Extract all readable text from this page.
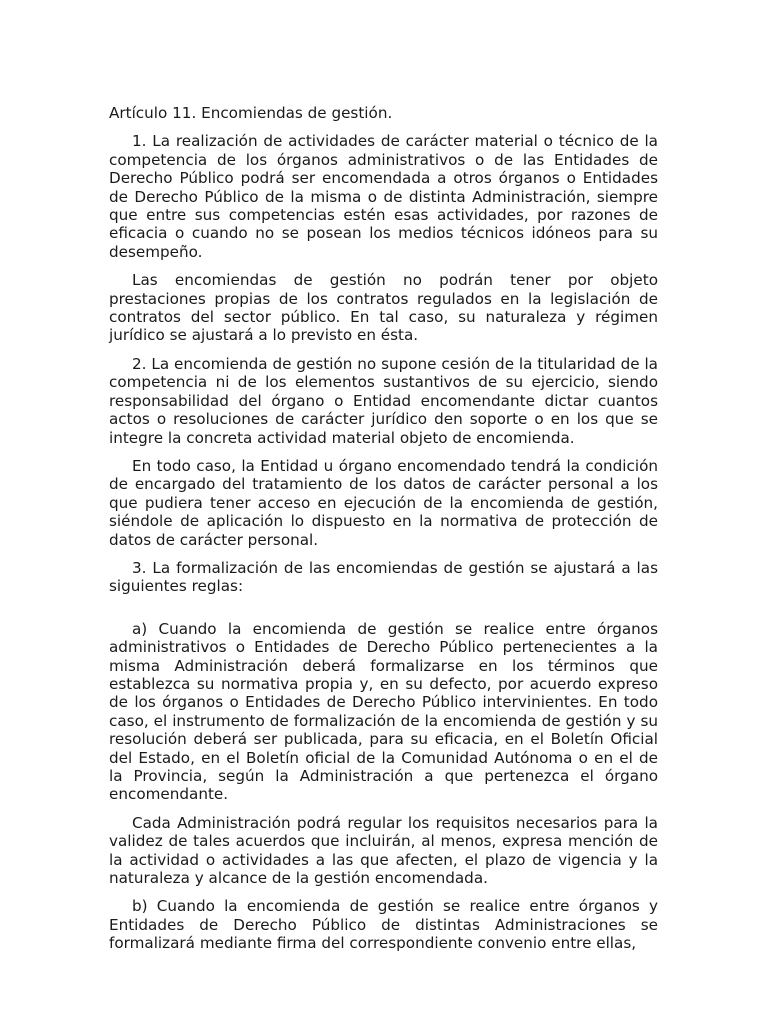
Artículo 11. Encomiendas de gestión.

1. La realización de actividades de carácter material o técnico de la competencia de los órganos administrativos o de las Entidades de Derecho Público podrá ser encomendada a otros órganos o Entidades de Derecho Público de la misma o de distinta Administración, siempre que entre sus competencias estén esas actividades, por razones de eficacia o cuando no se posean los medios técnicos idóneos para su desempeño.

Las encomiendas de gestión no podrán tener por objeto prestaciones propias de los contratos regulados en la legislación de contratos del sector público. En tal caso, su naturaleza y régimen jurídico se ajustará a lo previsto en ésta.

2. La encomienda de gestión no supone cesión de la titularidad de la competencia ni de los elementos sustantivos de su ejercicio, siendo responsabilidad del órgano o Entidad encomendante dictar cuantos actos o resoluciones de carácter jurídico den soporte o en los que se integre la concreta actividad material objeto de encomienda.

En todo caso, la Entidad u órgano encomendado tendrá la condición de encargado del tratamiento de los datos de carácter personal a los que pudiera tener acceso en ejecución de la encomienda de gestión, siéndole de aplicación lo dispuesto en la normativa de protección de datos de carácter personal.

3. La formalización de las encomiendas de gestión se ajustará a las siguientes reglas:

a) Cuando la encomienda de gestión se realice entre órganos administrativos o Entidades de Derecho Público pertenecientes a la misma Administración deberá formalizarse en los términos que establezca su normativa propia y, en su defecto, por acuerdo expreso de los órganos o Entidades de Derecho Público intervinientes. En todo caso, el instrumento de formalización de la encomienda de gestión y su resolución deberá ser publicada, para su eficacia, en el Boletín Oficial del Estado, en el Boletín oficial de la Comunidad Autónoma o en el de la Provincia, según la Administración a que pertenezca el órgano encomendante.

Cada Administración podrá regular los requisitos necesarios para la validez de tales acuerdos que incluirán, al menos, expresa mención de la actividad o actividades a las que afecten, el plazo de vigencia y la naturaleza y alcance de la gestión encomendada.

b) Cuando la encomienda de gestión se realice entre órganos y Entidades de Derecho Público de distintas Administraciones se formalizará mediante firma del correspondiente convenio entre ellas,
